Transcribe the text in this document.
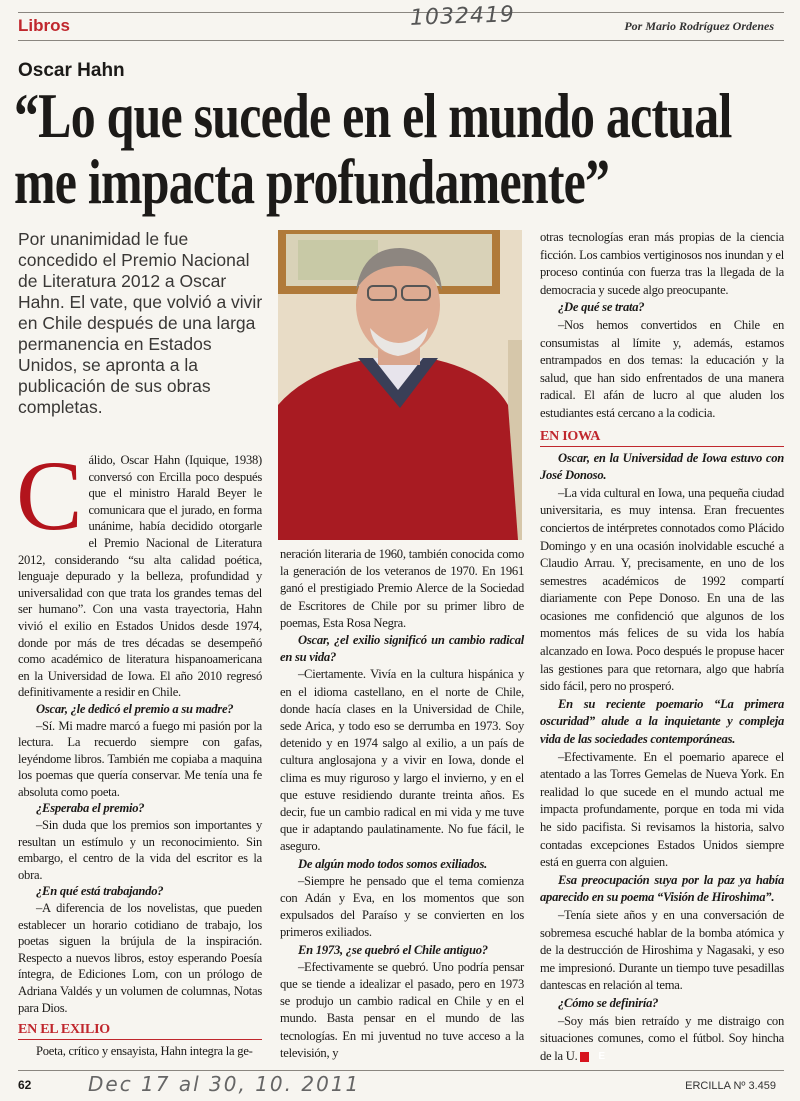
Libros	1032419	Por Mario Rodríguez Ordenes
Oscar Hahn
“Lo que sucede en el mundo actual
me impacta profundamente”
Por unanimidad le fue concedido el Premio Nacional de Literatura 2012 a Oscar Hahn. El vate, que volvió a vivir en Chile después de una larga permanencia en Estados Unidos, se apronta a la publicación de sus obras completas.

Cálido, Oscar Hahn (Iquique, 1938) conversó con Ercilla poco después que el ministro Harald Beyer le comunicara que el jurado, en forma unánime, había decidido otorgarle el Premio Nacional de Literatura 2012, considerando “su alta calidad poética, lenguaje depurado y la belleza, profundidad y universalidad con que trata los grandes temas del ser humano”. Con una vasta trayectoria, Hahn vivió el exilio en Estados Unidos desde 1974, donde por más de tres décadas se desempeñó como académico de literatura hispanoamericana en la Universidad de Iowa. El año 2010 regresó definitivamente a residir en Chile.

Oscar, ¿le dedicó el premio a su madre?

–Sí. Mi madre marcó a fuego mi pasión por la lectura. La recuerdo siempre con gafas, leyéndome libros. También me copiaba a maquina los poemas que quería conservar. Me tenía una fe absoluta como poeta.

¿Esperaba el premio?

–Sin duda que los premios son importantes y resultan un estímulo y un reconocimiento. Sin embargo, el centro de la vida del escritor es la obra.

¿En qué está trabajando?

–A diferencia de los novelistas, que pueden establecer un horario cotidiano de trabajo, los poetas siguen la brújula de la inspiración. Respecto a nuevos libros, estoy esperando Poesía íntegra, de Ediciones Lom, con un prólogo de Adriana Valdés y un volumen de columnas, Notas para Dios.

EN EL EXILIO

Poeta, crítico y ensayista, Hahn integra la ge-

neración literaria de 1960, también conocida como la generación de los veteranos de 1970. En 1961 ganó el prestigiado Premio Alerce de la Sociedad de Escritores de Chile por su primer libro de poemas, Esta Rosa Negra.

Oscar, ¿el exilio significó un cambio radical en su vida?

–Ciertamente. Vivía en la cultura hispánica y en el idioma castellano, en el norte de Chile, donde hacía clases en la Universidad de Chile, sede Arica, y todo eso se derrumba en 1973. Soy detenido y en 1974 salgo al exilio, a un país de cultura anglosajona y a vivir en Iowa, donde el clima es muy riguroso y largo el invierno, y en el que estuve residiendo durante treinta años. Es decir, fue un cambio radical en mi vida y me tuve que ir adaptando paulatinamente. No fue fácil, le aseguro.

De algún modo todos somos exiliados.

–Siempre he pensado que el tema comienza con Adán y Eva, en los momentos que son expulsados del Paraíso y se convierten en los primeros exiliados.

En 1973, ¿se quebró el Chile antiguo?

–Efectivamente se quebró. Uno podría pensar que se tiende a idealizar el pasado, pero en 1973 se produjo un cambio radical en Chile y en el mundo. Basta pensar en el mundo de las tecnologías. En mi juventud no tuve acceso a la televisión, y

otras tecnologías eran más propias de la ciencia ficción. Los cambios vertiginosos nos inundan y el proceso continúa con fuerza tras la llegada de la democracia y sucede algo preocupante.

¿De qué se trata?

–Nos hemos convertidos en Chile en consumistas al límite y, además, estamos entrampados en dos temas: la educación y la salud, que han sido enfrentados de una manera radical. El afán de lucro al que aluden los estudiantes está cercano a la codicia.

EN IOWA

Oscar, en la Universidad de Iowa estuvo con José Donoso.

–La vida cultural en Iowa, una pequeña ciudad universitaria, es muy intensa. Eran frecuentes conciertos de intérpretes connotados como Plácido Domingo y en una ocasión inolvidable escuché a Claudio Arrau. Y, precisamente, en uno de los semestres académicos de 1992 compartí diariamente con Pepe Donoso. En una de las ocasiones me confidenció que algunos de los momentos más felices de su vida los había alcanzado en Iowa. Poco después le propuse hacer las gestiones para que retornara, algo que habría sido fácil, pero no prosperó.

En su reciente poemario “La primera oscuridad” alude a la inquietante y compleja vida de las sociedades contemporáneas.

–Efectivamente. En el poemario aparece el atentado a las Torres Gemelas de Nueva York. En realidad lo que sucede en el mundo actual me impacta profundamente, porque en toda mi vida he sido pacifista. Si revisamos la historia, salvo contadas excepciones Estados Unidos siempre está en guerra con alguien.

Esa preocupación suya por la paz ya había aparecido en su poema “Visión de Hiroshima”.

–Tenía siete años y en una conversación de sobremesa escuché hablar de la bomba atómica y de la destrucción de Hiroshima y Nagasaki, y eso me impresionó. Durante un tiempo tuve pesadillas dantescas en relación al tema.

¿Cómo se definiría?

–Soy más bien retraído y me distraigo con situaciones comunes, como el fútbol. Soy hincha de la U. E

62	Dec 17 al 30, 10. 2011	ERCILLA Nº 3.459
